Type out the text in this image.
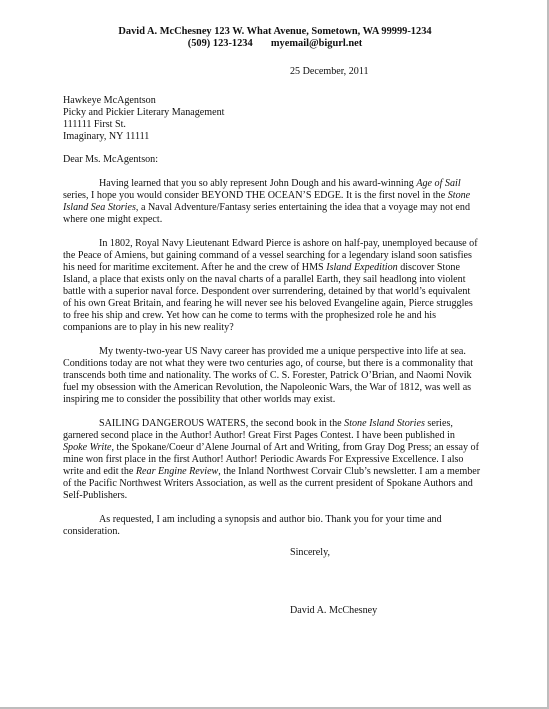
David A. McChesney 123 W. What Avenue, Sometown, WA 99999-1234
(509) 123-1234 myemail@bigurl.net
25 December, 2011
Hawkeye McAgentson
Picky and Pickier Literary Management
111111 First St.
Imaginary, NY 11111
Dear Ms. McAgentson:

Having learned that you so ably represent John Dough and his award-winning Age of Sail series, I hope you would consider BEYOND THE OCEAN’S EDGE. It is the first novel in the Stone Island Sea Stories, a Naval Adventure/Fantasy series entertaining the idea that a voyage may not end where one might expect.

In 1802, Royal Navy Lieutenant Edward Pierce is ashore on half-pay, unemployed because of the Peace of Amiens, but gaining command of a vessel searching for a legendary island soon satisfies his need for maritime excitement. After he and the crew of HMS Island Expedition discover Stone Island, a place that exists only on the naval charts of a parallel Earth, they sail headlong into violent battle with a superior naval force. Despondent over surrendering, detained by that world’s equivalent of his own Great Britain, and fearing he will never see his beloved Evangeline again, Pierce struggles to free his ship and crew. Yet how can he come to terms with the prophesized role he and his companions are to play in his new reality?

My twenty-two-year US Navy career has provided me a unique perspective into life at sea. Conditions today are not what they were two centuries ago, of course, but there is a commonality that transcends both time and nationality. The works of C. S. Forester, Patrick O’Brian, and Naomi Novik fuel my obsession with the American Revolution, the Napoleonic Wars, the War of 1812, was well as inspiring me to consider the possibility that other worlds may exist.

SAILING DANGEROUS WATERS, the second book in the Stone Island Stories series, garnered second place in the Author! Author! Great First Pages Contest. I have been published in Spoke Write, the Spokane/Coeur d’Alene Journal of Art and Writing, from Gray Dog Press; an essay of mine won first place in the first Author! Author! Periodic Awards For Expressive Excellence. I also write and edit the Rear Engine Review, the Inland Northwest Corvair Club’s newsletter. I am a member of the Pacific Northwest Writers Association, as well as the current president of Spokane Authors and Self-Publishers.

As requested, I am including a synopsis and author bio. Thank you for your time and consideration.

Sincerely,
David A. McChesney
